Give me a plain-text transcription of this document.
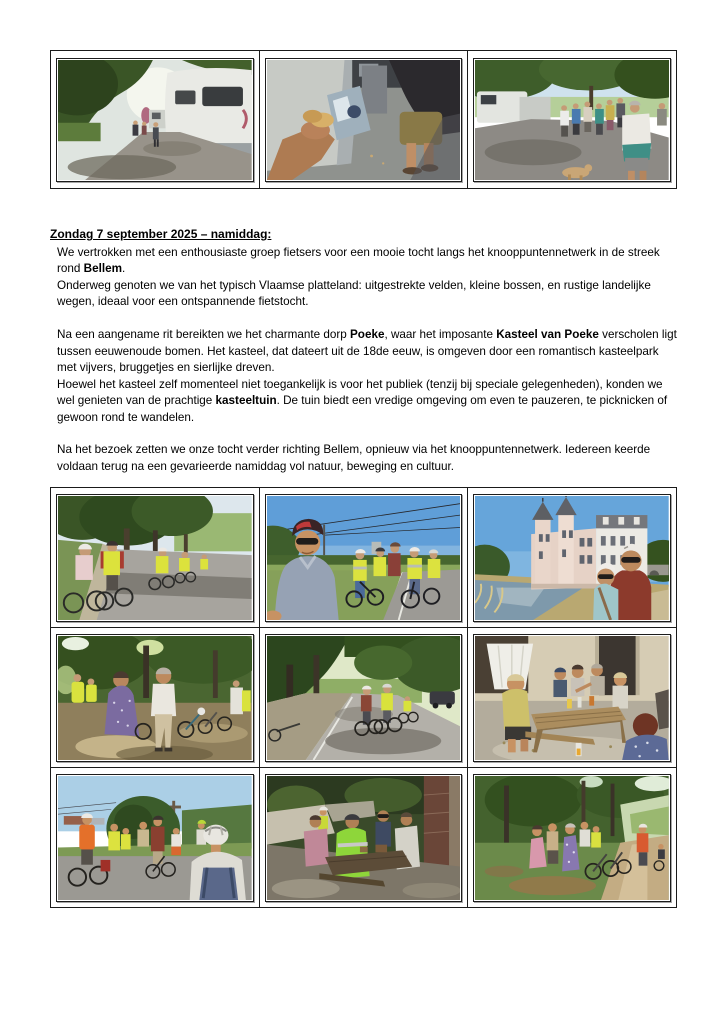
Zondag 7 september 2025 – namiddag:

We vertrokken met een enthousiaste groep fietsers voor een mooie tocht langs het knooppuntennetwerk in de streek rond Bellem.

Onderweg genoten we van het typisch Vlaamse platteland: uitgestrekte velden, kleine bossen, en rustige landelijke wegen, ideaal voor een ontspannende fietstocht.

Na een aangename rit bereikten we het charmante dorp Poeke, waar het imposante Kasteel van Poeke verscholen ligt tussen eeuwenoude bomen. Het kasteel, dat dateert uit de 18de eeuw, is omgeven door een romantisch kasteelpark met vijvers, bruggetjes en sierlijke dreven.

Hoewel het kasteel zelf momenteel niet toegankelijk is voor het publiek (tenzij bij speciale gelegenheden), konden we wel genieten van de prachtige kasteeltuin. De tuin biedt een vredige omgeving om even te pauzeren, te picknicken of gewoon rond te wandelen.

Na het bezoek zetten we onze tocht verder richting Bellem, opnieuw via het knooppuntennetwerk. Iedereen keerde voldaan terug na een gevarieerde namiddag vol natuur, beweging en cultuur.
